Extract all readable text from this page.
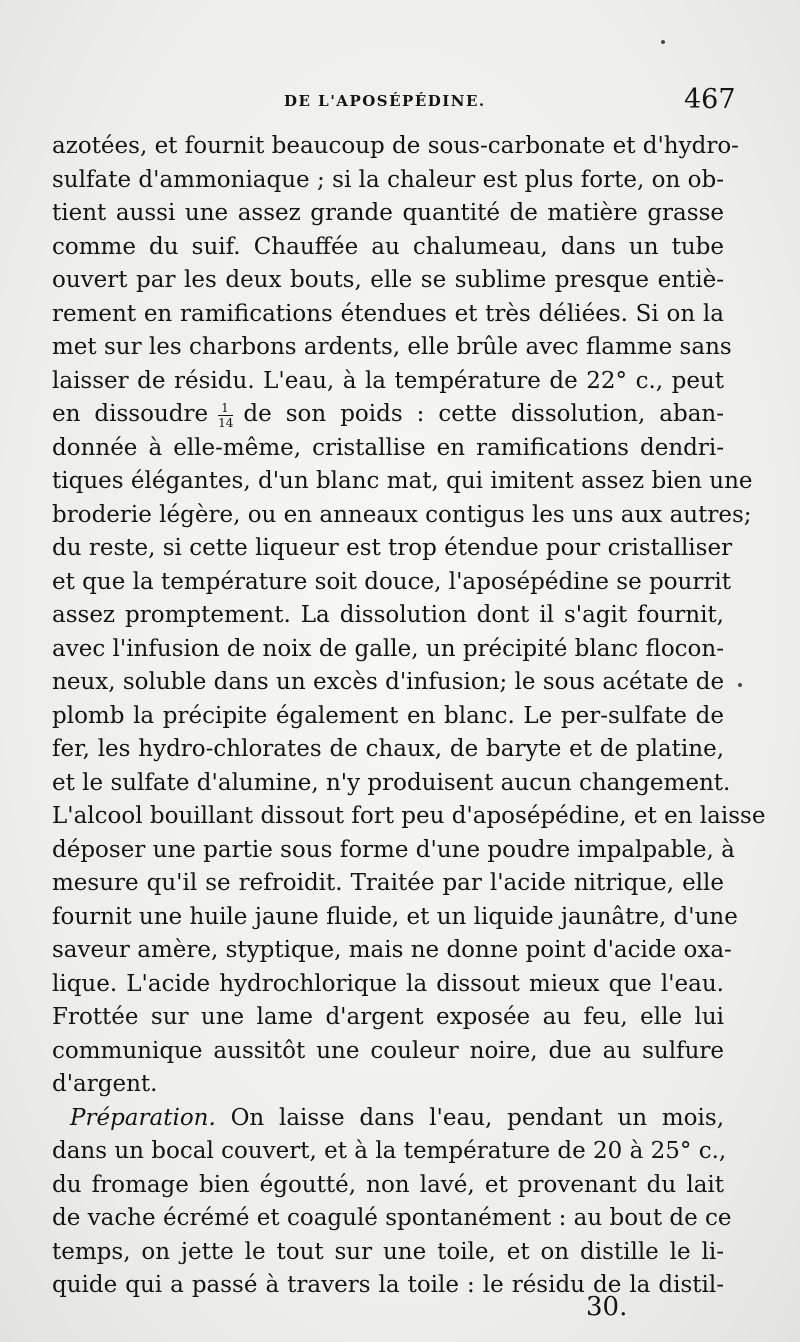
DE L'APOSÉPÉDINE.	467
azotées, et fournit beaucoup de sous-carbonate et d'hydro-
sulfate d'ammoniaque ; si la chaleur est plus forte, on ob-
tient aussi une assez grande quantité de matière grasse
comme du suif. Chauffée au chalumeau, dans un tube
ouvert par les deux bouts, elle se sublime presque entiè-
rement en ramifications étendues et très déliées. Si on la
met sur les charbons ardents, elle brûle avec flamme sans
laisser de résidu. L'eau, à la température de 22° c., peut
en dissoudre $\frac{1}{14}$ de son poids : cette dissolution, aban-
donnée à elle-même, cristallise en ramifications dendri-
tiques élégantes, d'un blanc mat, qui imitent assez bien une
broderie légère, ou en anneaux contigus les uns aux autres;
du reste, si cette liqueur est trop étendue pour cristalliser
et que la température soit douce, l'aposépédine se pourrit
assez promptement. La dissolution dont il s'agit fournit,
avec l'infusion de noix de galle, un précipité blanc flocon-
neux, soluble dans un excès d'infusion; le sous acétate de
plomb la précipite également en blanc. Le per-sulfate de
fer, les hydro-chlorates de chaux, de baryte et de platine,
et le sulfate d'alumine, n'y produisent aucun changement.
L'alcool bouillant dissout fort peu d'aposépédine, et en laisse
déposer une partie sous forme d'une poudre impalpable, à
mesure qu'il se refroidit. Traitée par l'acide nitrique, elle
fournit une huile jaune fluide, et un liquide jaunâtre, d'une
saveur amère, styptique, mais ne donne point d'acide oxa-
lique. L'acide hydrochlorique la dissout mieux que l'eau.
Frottée sur une lame d'argent exposée au feu, elle lui
communique aussitôt une couleur noire, due au sulfure
d'argent.
Préparation. On laisse dans l'eau, pendant un mois,
dans un bocal couvert, et à la température de 20 à 25° c.,
du fromage bien égoutté, non lavé, et provenant du lait
de vache écrémé et coagulé spontanément : au bout de ce
temps, on jette le tout sur une toile, et on distille le li-
quide qui a passé à travers la toile : le résidu de la distil-
30.
